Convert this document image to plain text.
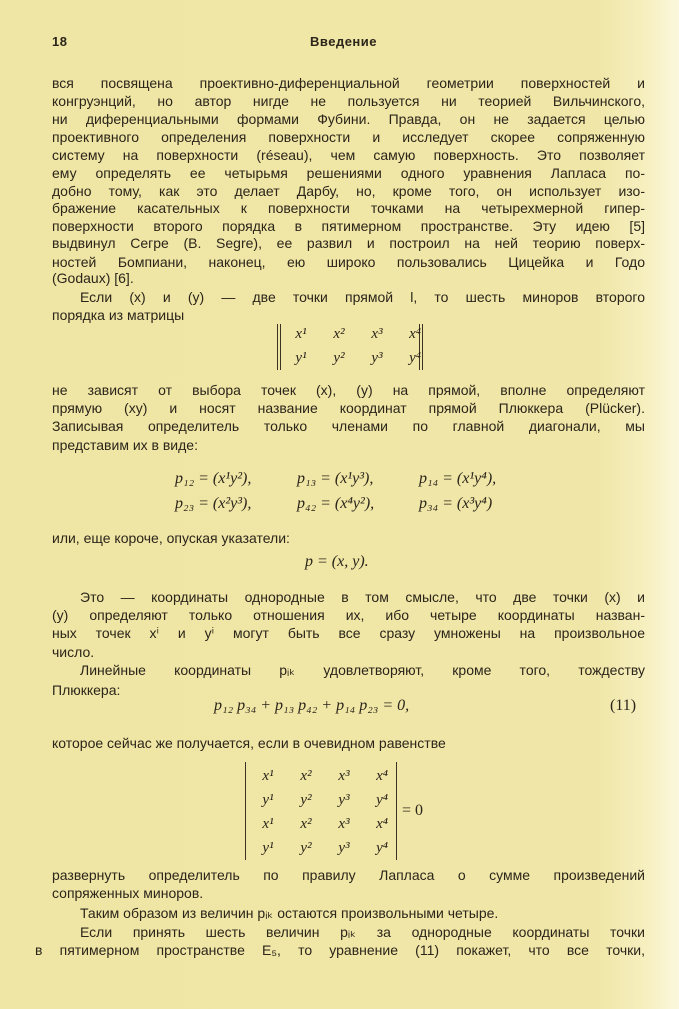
18	Введение
вся посвящена проективно-диференциальной геометрии поверхностей и
конгруэнций, но автор нигде не пользуется ни теорией Вильчинского,
ни диференциальными формами Фубини. Правда, он не задается целью
проективного определения поверхности и исследует скорее сопряженную
систему на поверхности (réseau), чем самую поверхность. Это позволяет
ему определять ее четырьмя решениями одного уравнения Лапласа по-
добно тому, как это делает Дарбу, но, кроме того, он использует изо-
бражение касательных к поверхности точками на четырехмерной гипер-
поверхности второго порядка в пятимерном пространстве. Эту идею [5]
выдвинул Сегре (B. Segre), ее развил и построил на ней теорию поверх-
ностей Бомпиани, наконец, ею широко пользовались Цицейка и Годо
(Godaux) [6].
Если (x) и (y) — две точки прямой l, то шесть миноров второго
порядка из матрицы
не зависят от выбора точек (x), (y) на прямой, вполне определяют
прямую (xy) и носят название координат прямой Плюккера (Plücker).
Записывая определитель только членами по главной диагонали, мы
представим их в виде:
или, еще короче, опуская указатели:
Это — координаты однородные в том смысле, что две точки (x) и
(y) определяют только отношения их, ибо четыре координаты назван-
ных точек xⁱ и yⁱ могут быть все сразу умножены на произвольное
число.
Линейные координаты pᵢₖ удовлетворяют, кроме того, тождеству
Плюккера:
которое сейчас же получается, если в очевидном равенстве
развернуть определитель по правилу Лапласа о сумме произведений
сопряженных миноров.
Таким образом из величин pᵢₖ остаются произвольными четыре.
Если принять шесть величин pᵢₖ за однородные координаты точки
в пятимерном пространстве E₅, то уравнение (11) покажет, что все точки,
x¹	x²	x³	x⁴
y¹	y²	y³	y⁴
p₁₂ = (x¹y²),	p₁₃ = (x¹y³),	p₁₄ = (x¹y⁴),
p₂₃ = (x²y³),	p₄₂ = (x⁴y²),	p₃₄ = (x³y⁴)
p = (x, y).
p₁₂ p₃₄ + p₁₃ p₄₂ + p₁₄ p₂₃ = 0,	(11)
x¹	x²	x³	x⁴
y¹	y²	y³	y⁴
x¹	x²	x³	x⁴
y¹	y²	y³	y⁴
= 0
